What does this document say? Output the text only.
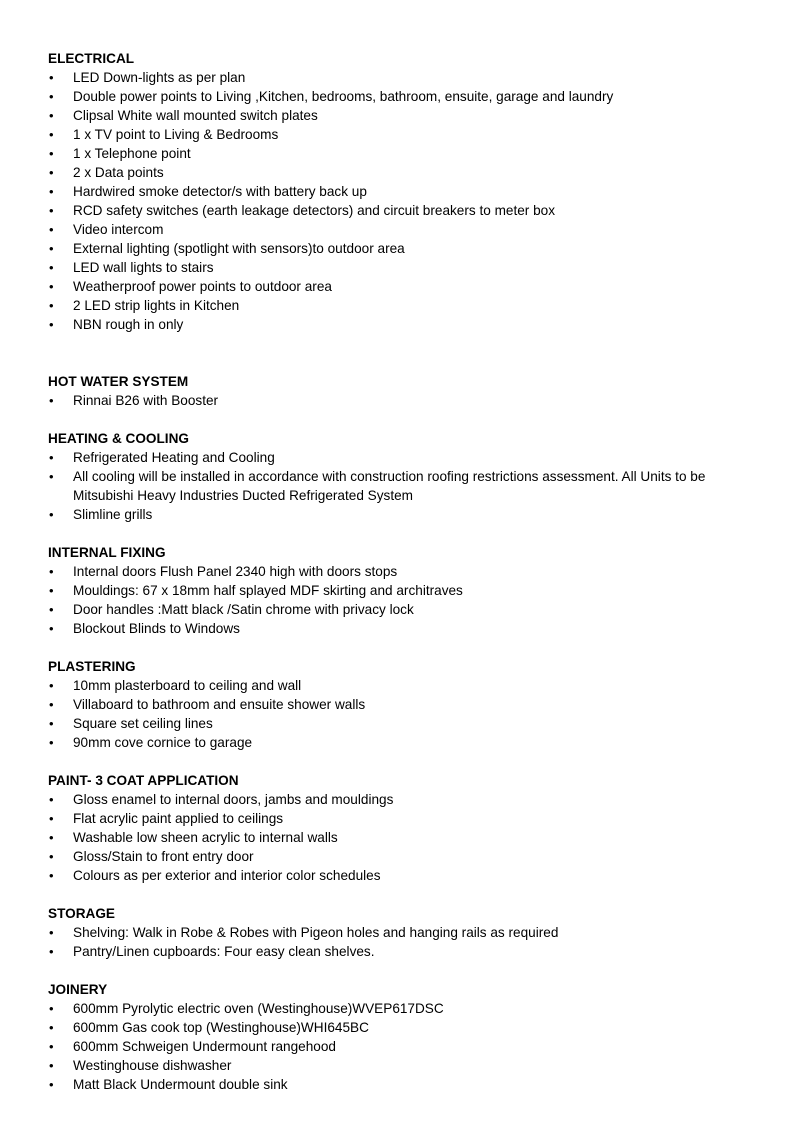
ELECTRICAL
• LED Down-lights as per plan
• Double power points to Living ,Kitchen, bedrooms, bathroom, ensuite, garage and laundry
• Clipsal White wall mounted switch plates
• 1 x TV point to Living & Bedrooms
• 1 x Telephone point
• 2 x Data points
• Hardwired smoke detector/s with battery back up
• RCD safety switches (earth leakage detectors) and circuit breakers to meter box
• Video intercom
• External lighting (spotlight with sensors)to outdoor area
• LED wall lights to stairs
• Weatherproof power points to outdoor area
• 2 LED strip lights in Kitchen
• NBN rough in only
HOT WATER SYSTEM
• Rinnai B26 with Booster
HEATING & COOLING
• Refrigerated Heating and Cooling
• All cooling will be installed in accordance with construction roofing restrictions assessment. All Units to be Mitsubishi Heavy Industries Ducted Refrigerated System
• Slimline grills
INTERNAL FIXING
• Internal doors Flush Panel 2340 high with doors stops
• Mouldings: 67 x 18mm half splayed MDF skirting and architraves
• Door handles :Matt black /Satin chrome with privacy lock
• Blockout Blinds to Windows
PLASTERING
• 10mm plasterboard to ceiling and wall
• Villaboard to bathroom and ensuite shower walls
• Square set ceiling lines
• 90mm cove cornice to garage
PAINT- 3 COAT APPLICATION
• Gloss enamel to internal doors, jambs and mouldings
• Flat acrylic paint applied to ceilings
• Washable low sheen acrylic to internal walls
• Gloss/Stain to front entry door
• Colours as per exterior and interior color schedules
STORAGE
• Shelving: Walk in Robe & Robes with Pigeon holes and hanging rails as required
• Pantry/Linen cupboards: Four easy clean shelves.
JOINERY
• 600mm Pyrolytic electric oven (Westinghouse)WVEP617DSC
• 600mm Gas cook top (Westinghouse)WHI645BC
• 600mm Schweigen Undermount rangehood
• Westinghouse dishwasher
• Matt Black Undermount double sink
